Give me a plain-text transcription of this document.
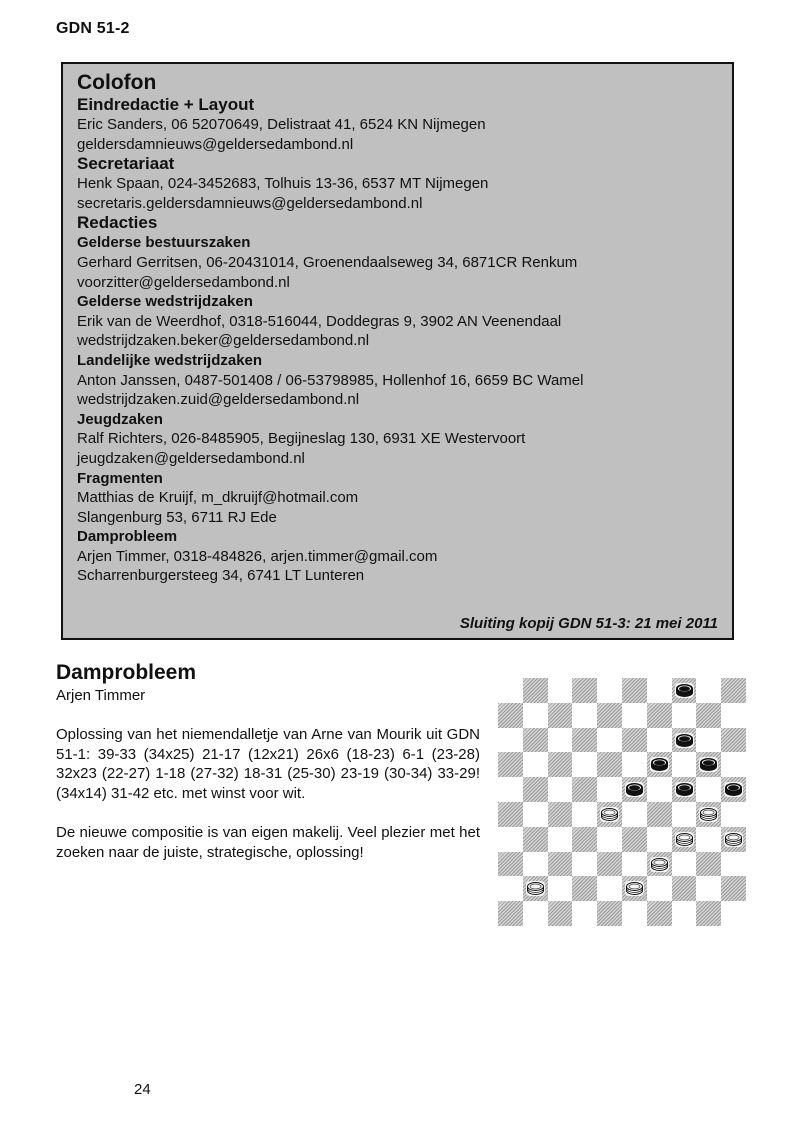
GDN 51-2
Colofon
Eindredactie + Layout
Eric Sanders, 06 52070649, Delistraat 41, 6524 KN Nijmegen
geldersdamnieuws@geldersedambond.nl
Secretariaat
Henk Spaan, 024-3452683, Tolhuis 13-36, 6537 MT Nijmegen
secretaris.geldersdamnieuws@geldersedambond.nl
Redacties
Gelderse bestuurszaken
Gerhard Gerritsen, 06-20431014, Groenendaalseweg 34, 6871CR Renkum
voorzitter@geldersedambond.nl
Gelderse wedstrijdzaken
Erik van de Weerdhof, 0318-516044, Doddegras 9, 3902 AN Veenendaal
wedstrijdzaken.beker@geldersedambond.nl
Landelijke wedstrijdzaken
Anton Janssen, 0487-501408 / 06-53798985, Hollenhof 16, 6659 BC Wamel
wedstrijdzaken.zuid@geldersedambond.nl
Jeugdzaken
Ralf Richters, 026-8485905, Begijneslag 130, 6931 XE Westervoort
jeugdzaken@geldersedambond.nl
Fragmenten
Matthias de Kruijf, m_dkruijf@hotmail.com
Slangenburg 53, 6711 RJ Ede
Damprobleem
Arjen Timmer, 0318-484826, arjen.timmer@gmail.com
Scharrenburgersteeg 34, 6741 LT Lunteren
Sluiting kopij GDN 51-3: 21 mei 2011
Damprobleem
Arjen Timmer
Oplossing van het niemendalletje van Arne van Mourik uit GDN 51-1: 39-33 (34x25) 21-17 (12x21) 26x6 (18-23) 6-1 (23-28) 32x23 (22-27) 1-18 (27-32) 18-31 (25-30) 23-19 (30-34) 33-29! (34x14) 31-42 etc. met winst voor wit.
De nieuwe compositie is van eigen makelij. Veel plezier met het zoeken naar de juiste, strategische, oplossing!
24
